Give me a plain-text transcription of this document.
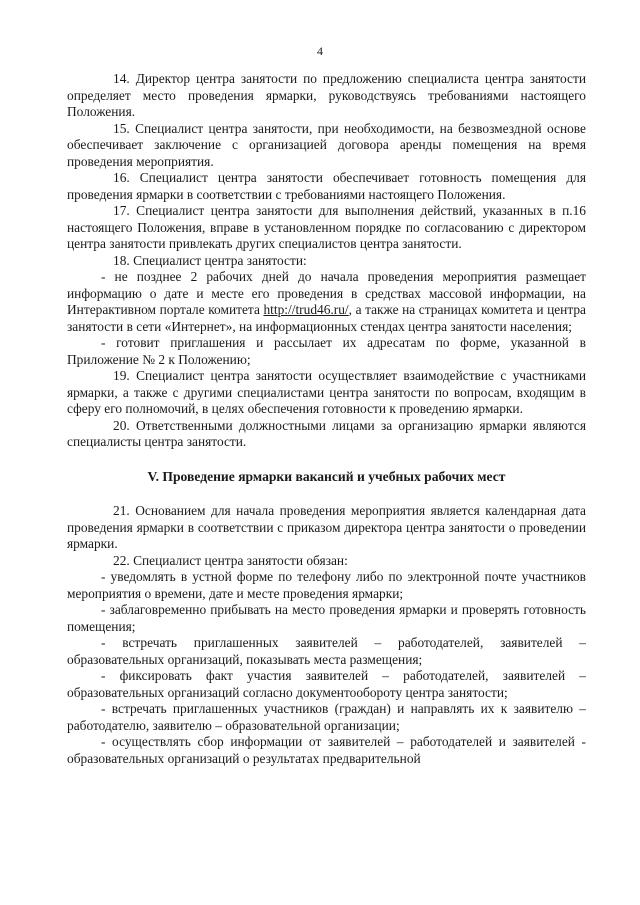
4

14. Директор центра занятости по предложению специалиста центра занятости определяет место проведения ярмарки, руководствуясь требованиями настоящего Положения.

15. Специалист центра занятости, при необходимости, на безвозмездной основе обеспечивает заключение с организацией договора аренды помещения на время проведения мероприятия.

16. Специалист центра занятости обеспечивает готовность помещения для проведения ярмарки в соответствии с требованиями настоящего Положения.

17. Специалист центра занятости для выполнения действий, указанных в п.16 настоящего Положения, вправе в установленном порядке по согласованию с директором центра занятости привлекать других специалистов центра занятости.

18. Специалист центра занятости:

- не позднее 2 рабочих дней до начала проведения мероприятия размещает информацию о дате и месте его проведения в средствах массовой информации, на Интерактивном портале комитета http://trud46.ru/, а также на страницах комитета и центра занятости в сети «Интернет», на информационных стендах центра занятости населения;

- готовит приглашения и рассылает их адресатам по форме, указанной в Приложение № 2 к Положению;

19. Специалист центра занятости осуществляет взаимодействие с участниками ярмарки, а также с другими специалистами центра занятости по вопросам, входящим в сферу его полномочий, в целях обеспечения готовности к проведению ярмарки.

20. Ответственными должностными лицами за организацию ярмарки являются специалисты центра занятости.

V. Проведение ярмарки вакансий и учебных рабочих мест

21. Основанием для начала проведения мероприятия является календарная дата проведения ярмарки в соответствии с приказом директора центра занятости о проведении ярмарки.

22. Специалист центра занятости обязан:

- уведомлять в устной форме по телефону либо по электронной почте участников мероприятия о времени, дате и месте проведения ярмарки;

- заблаговременно прибывать на место проведения ярмарки и проверять готовность помещения;

- встречать приглашенных заявителей – работодателей, заявителей – образовательных организаций, показывать места размещения;

- фиксировать факт участия заявителей – работодателей, заявителей – образовательных организаций согласно документообороту центра занятости;

- встречать приглашенных участников (граждан) и направлять их к заявителю – работодателю, заявителю – образовательной организации;

- осуществлять сбор информации от заявителей – работодателей и заявителей - образовательных организаций о результатах предварительной
